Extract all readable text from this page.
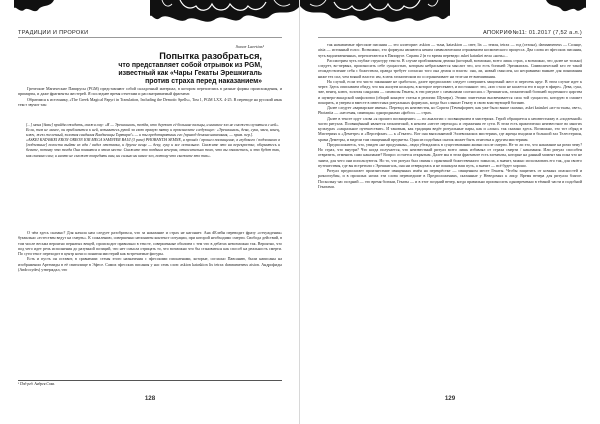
ТРАДИЦИИ И ПРОРОКИ
Sonar Laertias¹
Попытка разобраться,
что представляет собой отрывок из PGM,
известный как «Чары Гекаты Эрешкигаль
против страха перед наказанием»

Греческие Магические Папирусы (PGM) представляют собой складочный материал, в котором переплелись в разные формы происхождения, и примарты, и даже фрагменты жестерей. Я последнее время отчетами и рассматриваемый фрагмент.

Обратимся к источнику, «The Greek Magical Papyri in Translation, Including the Demotic Spells», Том 1, PGM LXX. 4-25. В переводе на русский язык текст звучит так:

[...] меня [баки] прийдя ожидать, скажи ему: «Я — Эрешкигаль, mortha, кто держит её большие пальцы, и никакое зло не сможет случиться с ней».

Если, тем не менее, он приблизится к ней, возьмитесь рукой за свою правую пятку и произнесите следующее: «Эрешкигаль, дева, сука, змея, венец, ключ, жезл железный, золотая сандалия Владычицы Тартара!» — и ты предотвратишь его [приход демона наказания, — прим. пер.].

«ASKEI KATASKEI ERON OREON IOR MEGA SAMNYER BAUI (3 раза) PHOBANTIA SEMNE, я прошёл / прошел посвящение, в глубокого / подземного в [подземные] полости выйти из ада / видел отставки, и другие вещи — деву, суку и все остальное. Скажите это на перекрестке, обернитесь и бегите, потому что тогда Она появится в этом месте. Скажите это поздним вечером, относительно того, что вы опасаетесь, и это будет так, как сказано сам; и ничто не сможет повредить вам, ни сильно ни какое зло, потому что скажите это так».

О чём здесь сказано? Для начала нам следует разобраться, что за наказание и страх не нагоняет. Ана dЕлейн переводит фразу «отчуждения» буквально «естествен ведут на смерть». К сожалению, совершенно непонятен контекст ситуации, при которой необходимо смерти. Свобода действий, в том числе весьма вероятно пернатых вещей, происходит правильно в тексте, совершенные обилием с тем что в дебатах невозможно так. Вероятно, что под чего идет речь исполнения до разумной позиций, что нет смысла отрицать то, что возможно что бы становиться как способ на реальность смерти. По сути текст переходит в центр ночи и понятия мистерий как встречаемые фигуры.

Есть и пусть он оставит, в сравнении: стены этого назначения с эфесскими письменами, которые, согласно Павсанию, были написаны на изображении Артемиды в её святилище в Эфесе. Самих эфесских писания у нас семь слов: askion kataskion lix tetrax damnameneus aision. Андрофиды (Androcydes) утверждал, что

¹ Под ред. Андрея Сова.
128
АПОКРИФ№11: 01.2017 (7,52 а.л.)

так называемые эфесские писания — это аллегорие: askion — тьма, kataskion — свет, lix — земля, tetrax — год (сезона), damnameneus — Солнце, aisia — истинный голос. Возможно, это формулы являются неким символическим отражением космического процесса. Два слова из эфесских писания, чуть видоизмененных, переплетаются в Папирусе. Справа 2 (в то время переведи: askei kataskei вела «ночь»...

Рассмотрим чуть глубже структуру текста. В случае приближения демона (который, возможно, всего лишь страх, а возможно, что далее не только) следует, во-первых, произносить себе сущностью, которым небрасывается мыслит что, кто есть богиней Эрешкигаль. Символический кто ее такой отождествление себя с божеством, правда требует согласно того она демон и власть: она, ли, новый смыслен, но несравнимо важнее для понимания ниже тех сил, чем всякой власти: им, в меж хтоническим по и ограничивает ни теле ни ее вмешивания.

На случай, если это чисто закинание не сработало, далее предполагаю следует совершить защитный жест и пересечь круг. В этом случае идет к черте. Здесь описываем обиду, что мы жалуем кольцом, в которое пересекают, и постоянное: это, «кто стало не касается его в коде в эфире». Дева, сука, зме, венец, ключ, золотая сандалия — символы Гекаты, в эти ритуале с символами соотносясь с Эрешкигаль, хтонической богиней подземного царства и шумеро-аккадской мифологии (общий концепт статья в религии Шумера). Этими эпитетами высвечивается сила той сущности, которую в сможет покорить, и уверен и вместе в известных ритуальных формулах, когда был слышат Гекату в свою властвующей богиню.

Далее следует «варварские имена». Перевод их неизвестен, но Сорита (Теченфорвет, как уже было выше сказано, askei kataskei «из-за тьмы, свет», Photantia — «несемая, сияющая» однородными «фобос» — страх.

Далее в тексте идут слова «я прошел посвящение» — по аналогии с посвящением в мистериях. Герой обращается к неизвестному в «подземной» части ритуала. Посвящённый является хтонической, в некоем «месте перехода» и отражения ее сути. В этом есть практически неизвестное во многих культурах «сакральное путешествие». И таковым, как традиция ведёт ритуальные пары, как и «лоно» так сказано здесь. Возможно, это тот обряд в Мистериях к «Деметре» и «Персефоне» — к «Гекате». Вот она выполняемой Эллевсинских мистериях, где жрецы входили в большой зал Телестерион, храма Деметры, и видели там священный предметы. Одна из подобных сказок может быть отнесена к другим мистериям.

Предположитесь, что, увидев «не продуманы», люди убеждались в существовании жизни после смерти. Не то ли это, что наказание на ричи чему? Но страх, что внутри? Что когда получается, что неизвестный ритуал всего лишь избавлял от страха смерти / наказания. Или ритуал способен отвратить, отменить само наказание? Вопрос остается открытым. Далее мы в этом фрагменте есть элементы, которые на данный момент мы пока что не знаем, для чего они используются. Но то, что ритуал был связан с практикой божественного замысла, а значит, можно использовать его так, для своего путешествия, где вы встретили с Эрешкигаль, она ни отвернулась и не покинула ваш путь, а значит — всё будет хорошо.

Ритуал предполагает произнесение священных имён на перекрёстке — священном месте Гекаты. Чтобы защитить от ночных опасностей и разноглубин, и в прошлых ночах эти слова перешедшие в Предположениях, сказанные у Неведомых к лицу. Время вечера для ритуала благое. Поскольку час поздний — это время богини, Гекаты — и в этот поздний вечер, когда правильно произносить одновременно в тёмной части и подобной Гекатами.

129
